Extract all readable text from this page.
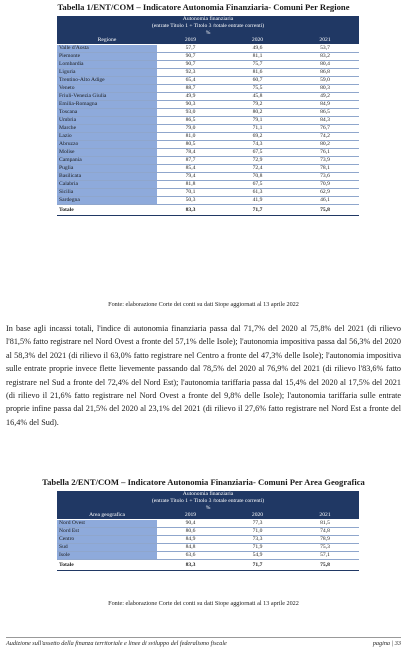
Tabella 1/ENT/COM – Indicatore Autonomia Finanziaria- Comuni Per Regione
Autonomia finanziaria			
(entrate Titolo 1 + Titolo 3 /totale entrate correnti)			
%			
Regione	2019	2020	2021
Valle d'Aosta	57,7	49,6	53,7
Piemonte	90,7	81,1	83,2
Lombardia	90,7	75,7	80,4
Liguria	92,3	81,6	86,8
Trentino-Alto Adige	65,4	60,7	59,0
Veneto	88,7	75,5	80,3
Friuli-Venezia Giulia	49,9	45,8	49,2
Emilia-Romagna	90,3	79,2	84,9
Toscana	93,0	80,2	86,5
Umbria	86,5	79,1	84,3
Marche	79,0	71,1	76,7
Lazio	81,0	69,2	74,2
Abruzzo	80,5	74,3	80,2
Molise	78,4	67,5	76,1
Campania	87,7	72,9	73,9
Puglia	85,4	72,4	78,1
Basilicata	79,4	70,8	73,6
Calabria	81,8	67,5	70,9
Sicilia	70,1	61,3	62,9
Sardegna	50,3	41,9	46,1
Totale	83,3	71,7	75,8
Fonte: elaborazione Corte dei conti su dati Siope aggiornati al 13 aprile 2022

In base agli incassi totali, l'indice di autonomia finanziaria passa dal 71,7% del 2020 al 75,8% del 2021 (di rilievo l'81,5% fatto registrare nel Nord Ovest a fronte del 57,1% delle Isole); l'autonomia impositiva passa dal 56,3% del 2020 al 58,3% del 2021 (di rilievo il 63,0% fatto registrare nel Centro a fronte del 47,3% delle Isole); l'autonomia impositiva sulle entrate proprie invece flette lievemente passando dal 78,5% del 2020 al 76,9% del 2021 (di rilievo l'83,6% fatto registrare nel Sud a fronte del 72,4% del Nord Est); l'autonomia tariffaria passa dal 15,4% del 2020 al 17,5% del 2021 (di rilievo il 21,6% fatto registrare nel Nord Ovest a fronte del 9,8% delle Isole); l'autonomia tariffaria sulle entrate proprie infine passa dal 21,5% del 2020 al 23,1% del 2021 (di rilievo il 27,6% fatto registrare nel Nord Est a fronte del 16,4% del Sud).

Tabella 2/ENT/COM – Indicatore Autonomia Finanziaria- Comuni Per Area Geografica
Autonomia finanziaria			
(entrate Titolo 1 + Titolo 3 /totale entrate correnti)			
%			
Area geografica	2019	2020	2021
Nord Ovest	90,4	77,3	81,5
Nord Est	80,6	71,0	74,8
Centro	84,9	73,3	78,9
Sud	84,8	71,9	75,3
Isole	63,6	54,9	57,1
Totale	83,3	71,7	75,8
Fonte: elaborazione Corte dei conti su dati Siope aggiornati al 13 aprile 2022
Audizione sull'assetto della finanza territoriale e linee di sviluppo del federalismo fiscale	pagina | 33
